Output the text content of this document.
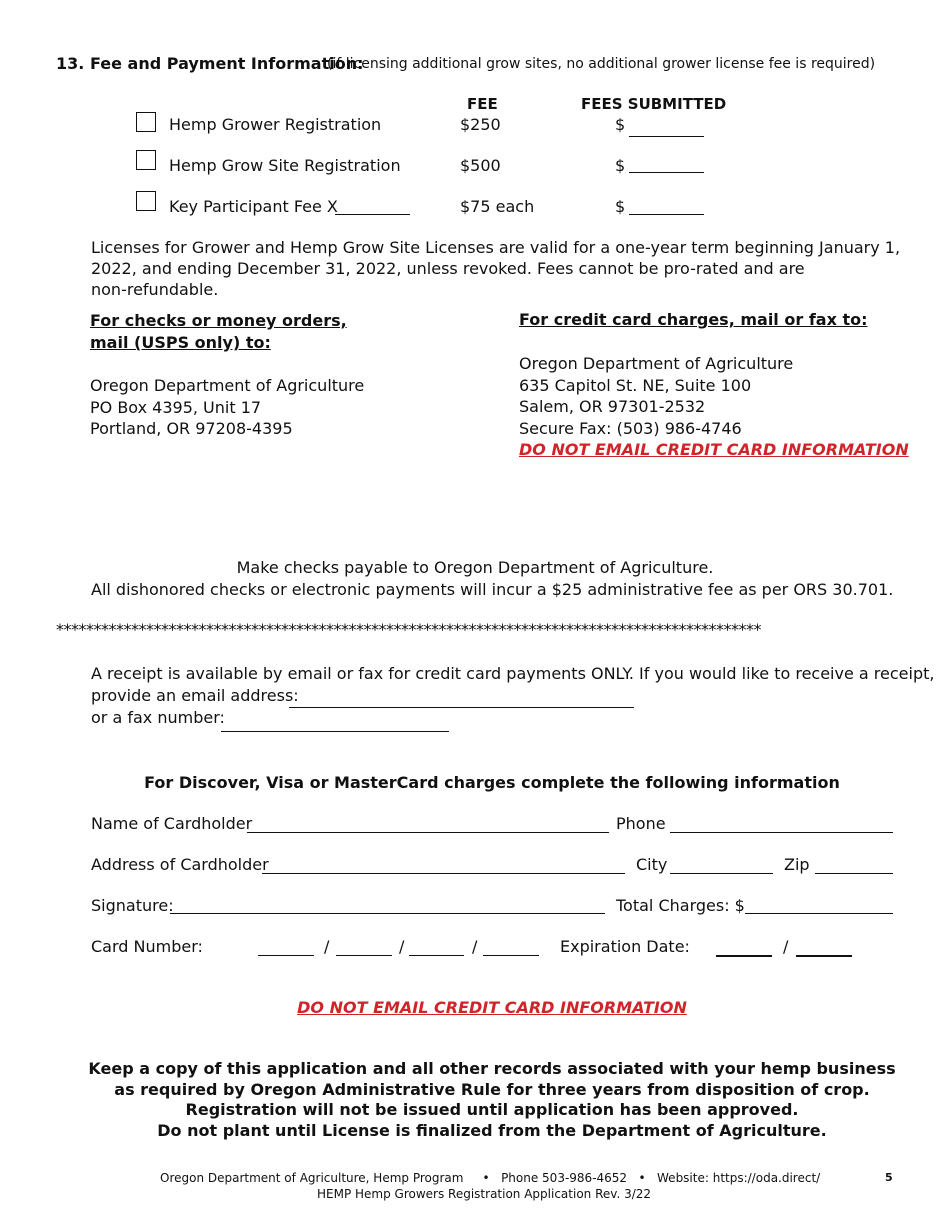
13. Fee and Payment Information:
(if licensing additional grow sites, no additional grower license fee is required)
FEE	FEES SUBMITTED
Hemp Grower Registration	$250	$
Hemp Grow Site Registration	$500	$
Key Participant Fee X	$75 each	$
Licenses for Grower and Hemp Grow Site Licenses are valid for a one-year term beginning January 1,
2022, and ending December 31, 2022, unless revoked. Fees cannot be pro-rated and are
non-refundable.
For checks or money orders,
mail (USPS only) to:
Oregon Department of Agriculture
PO Box 4395, Unit 17
Portland, OR 97208-4395
For credit card charges, mail or fax to:
Oregon Department of Agriculture
635 Capitol St. NE, Suite 100
Salem, OR 97301-2532
Secure Fax: (503) 986-4746
DO NOT EMAIL CREDIT CARD INFORMATION
Make checks payable to Oregon Department of Agriculture.
All dishonored checks or electronic payments will incur a $25 administrative fee as per ORS 30.701.
**********************************************************************************************
A receipt is available by email or fax for credit card payments ONLY. If you would like to receive a receipt,
provide an email address:
or a fax number:
For Discover, Visa or MasterCard charges complete the following information
Name of Cardholder	Phone
Address of Cardholder	City	Zip
Signature:	Total Charges: $
Card Number:	/	/	/	Expiration Date:	/
DO NOT EMAIL CREDIT CARD INFORMATION
Keep a copy of this application and all other records associated with your hemp business
as required by Oregon Administrative Rule for three years from disposition of crop.
Registration will not be issued until application has been approved.
Do not plant until License is finalized from the Department of Agriculture.
Oregon Department of Agriculture, Hemp Program     •   Phone 503-986-4652   •   Website: https://oda.direct/
HEMP Hemp Growers Registration Application Rev. 3/22
5
